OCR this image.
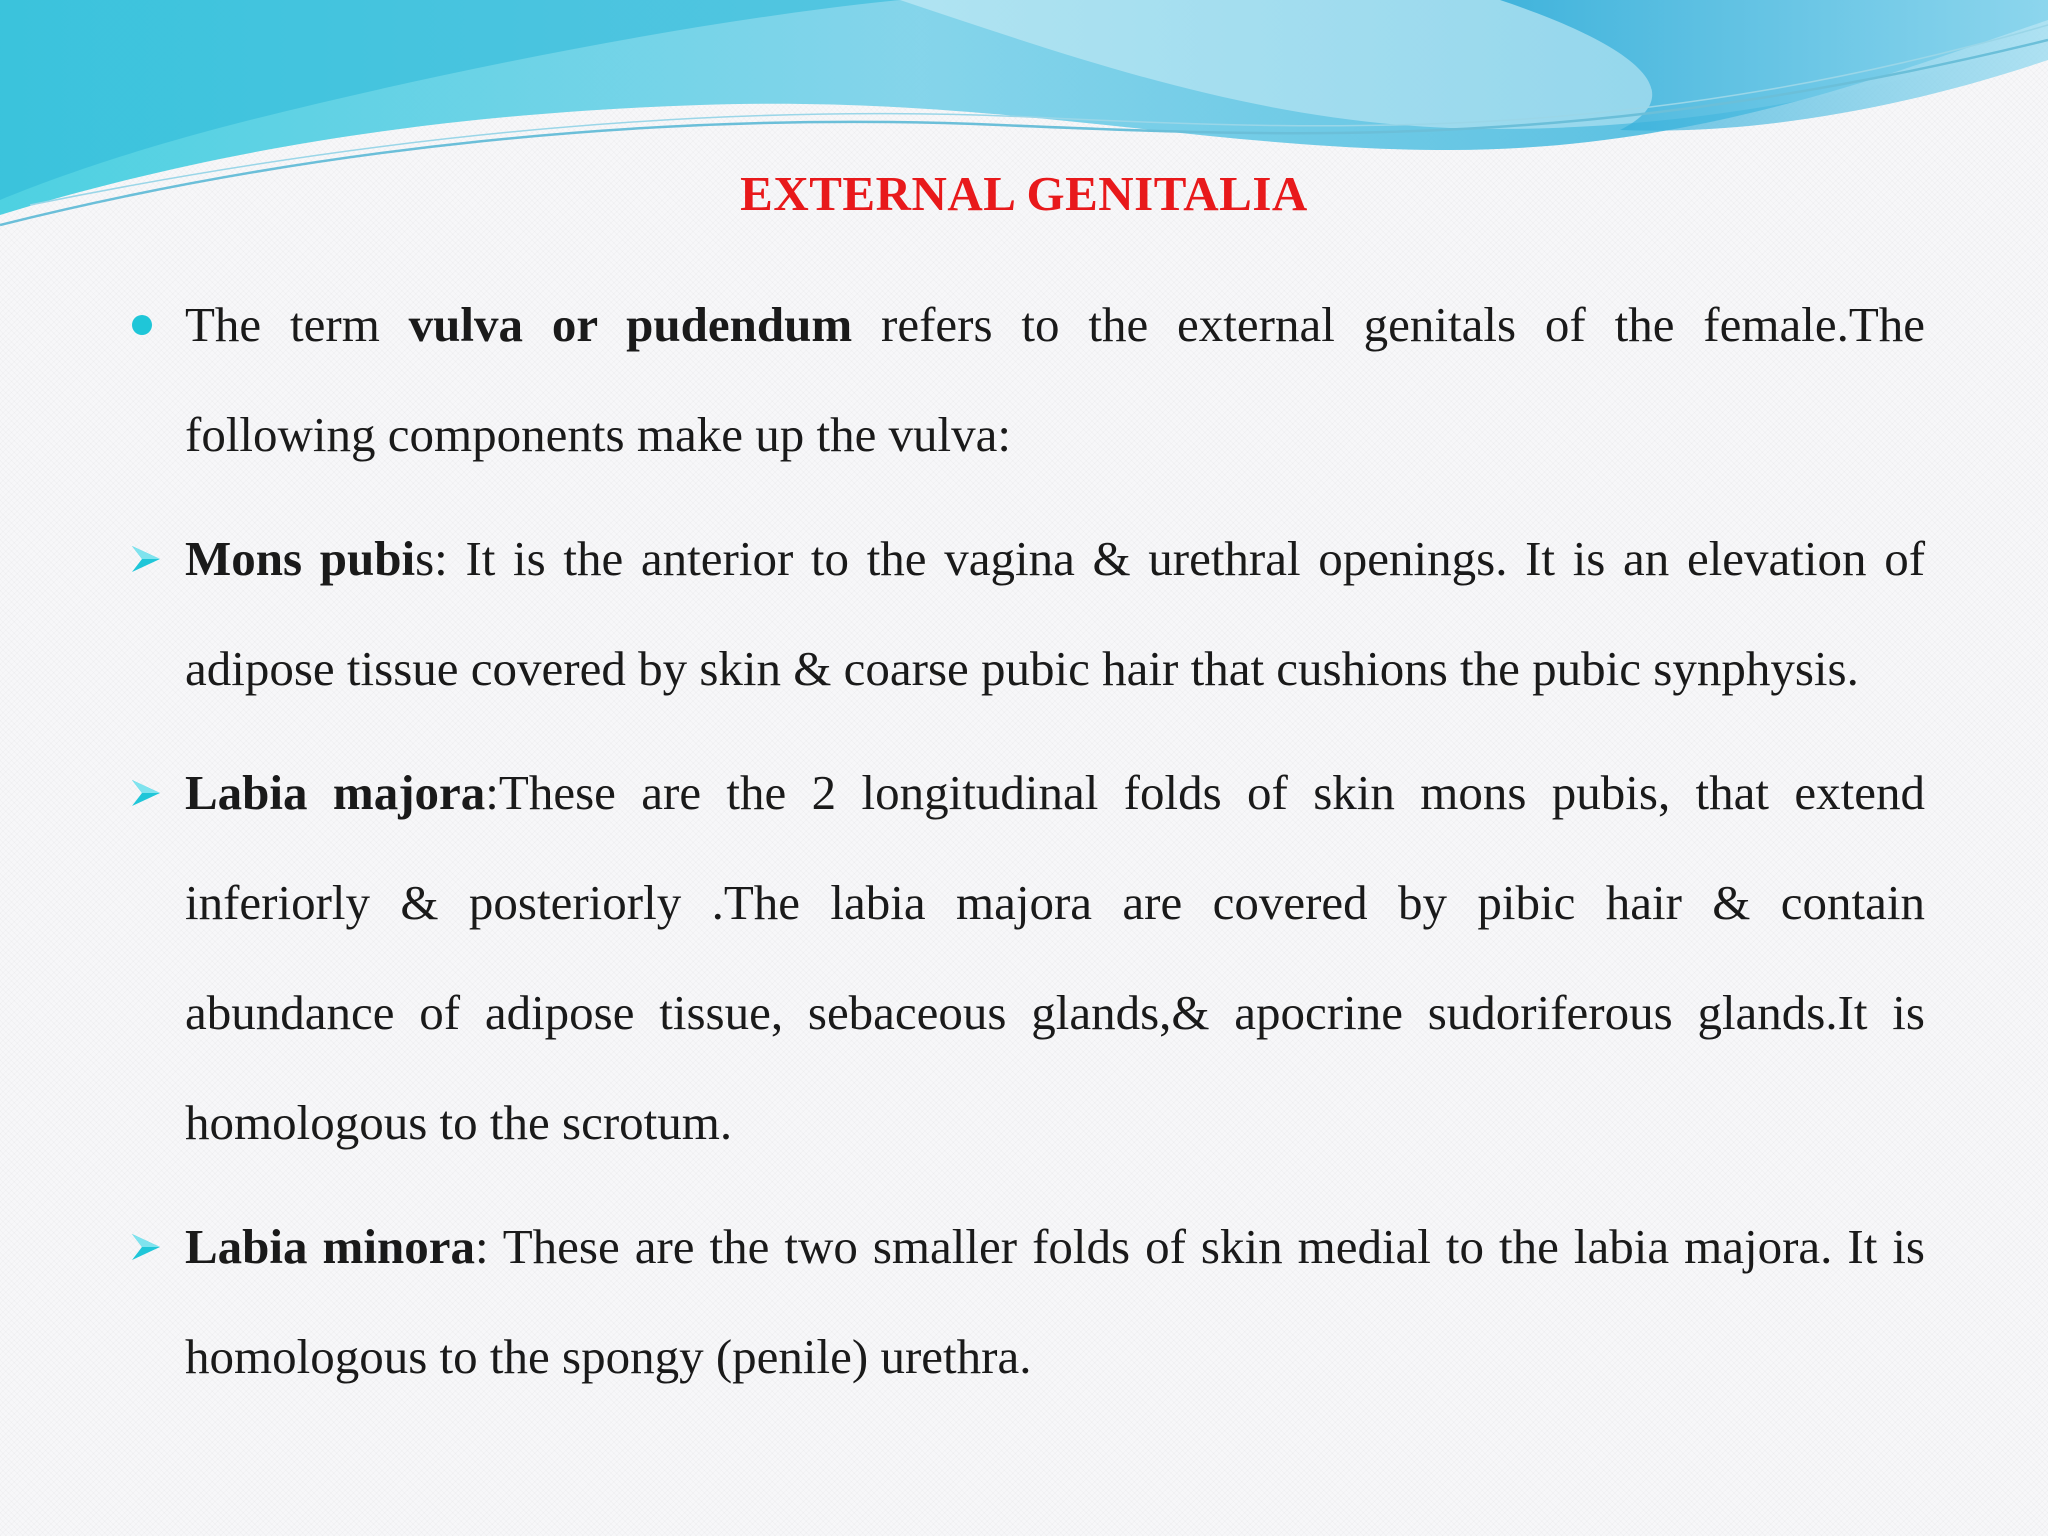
EXTERNAL GENITALIA
The term vulva or pudendum refers to the external genitals of the female.The following components make up the vulva:
Mons pubis: It is the anterior to the vagina & urethral openings. It is an elevation of adipose tissue covered by skin & coarse pubic hair that cushions the pubic synphysis.
Labia majora:These are the 2 longitudinal folds of skin mons pubis, that extend inferiorly & posteriorly .The labia majora are covered by pibic hair & contain abundance of adipose tissue, sebaceous glands,& apocrine sudoriferous glands.It is homologous to the scrotum.
Labia minora: These are the two smaller folds of skin medial to the labia majora. It is homologous to the spongy (penile) urethra.
